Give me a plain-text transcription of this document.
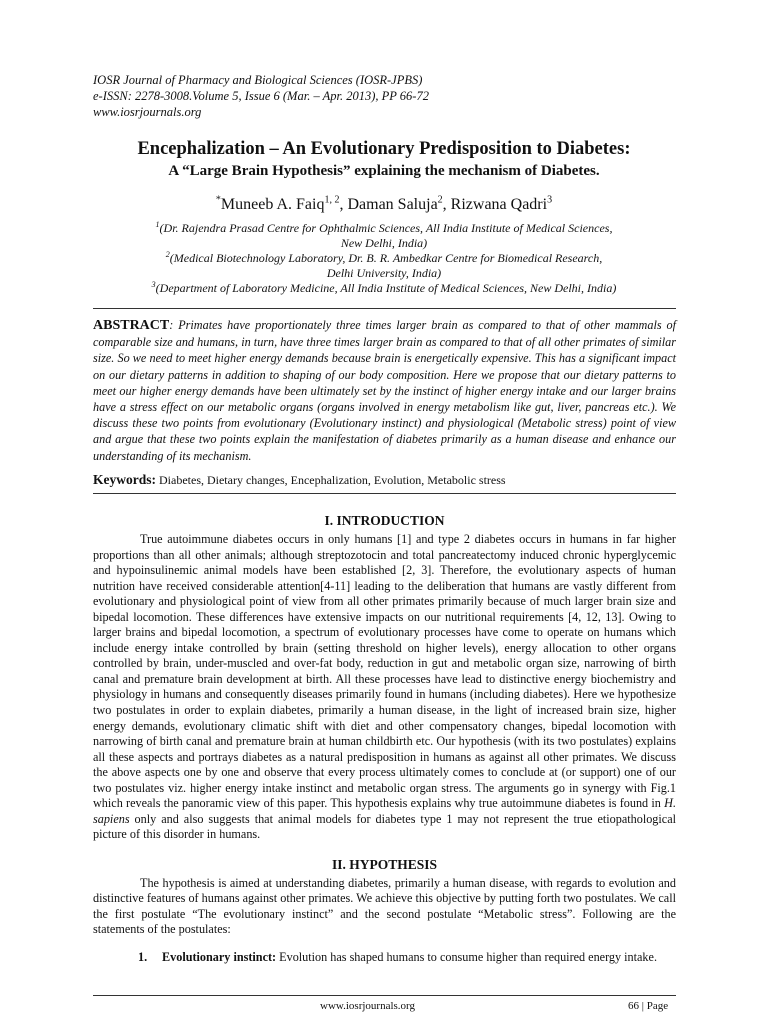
IOSR Journal of Pharmacy and Biological Sciences (IOSR-JPBS)
e-ISSN: 2278-3008.Volume 5, Issue 6 (Mar. – Apr. 2013), PP 66-72
www.iosrjournals.org
Encephalization – An Evolutionary Predisposition to Diabetes:
A “Large Brain Hypothesis” explaining the mechanism of Diabetes.
*Muneeb A. Faiq$^{1, 2}$, Daman Saluja$^2$, Rizwana Qadri$^3$
$^1$(Dr. Rajendra Prasad Centre for Ophthalmic Sciences, All India Institute of Medical Sciences,
New Delhi, India)
$^2$(Medical Biotechnology Laboratory, Dr. B. R. Ambedkar Centre for Biomedical Research,
Delhi University, India)
$^3$(Department of Laboratory Medicine, All India Institute of Medical Sciences, New Delhi, India)
ABSTRACT: Primates have proportionately three times larger brain as compared to that of other mammals of comparable size and humans, in turn, have three times larger brain as compared to that of all other primates of similar size. So we need to meet higher energy demands because brain is energetically expensive. This has a significant impact on our dietary patterns in addition to shaping of our body composition. Here we propose that our dietary patterns to meet our higher energy demands have been ultimately set by the instinct of higher energy intake and our larger brains have a stress effect on our metabolic organs (organs involved in energy metabolism like gut, liver, pancreas etc.). We discuss these two points from evolutionary (Evolutionary instinct) and physiological (Metabolic stress) point of view and argue that these two points explain the manifestation of diabetes primarily as a human disease and enhance our understanding of its mechanism.
Keywords: Diabetes, Dietary changes, Encephalization, Evolution, Metabolic stress
I. INTRODUCTION
True autoimmune diabetes occurs in only humans [1] and type 2 diabetes occurs in humans in far higher proportions than all other animals; although streptozotocin and total pancreatectomy induced chronic hyperglycemic and hypoinsulinemic animal models have been established [2, 3]. Therefore, the evolutionary aspects of human nutrition have received considerable attention[4-11] leading to the deliberation that humans are vastly different from evolutionary and physiological point of view from all other primates primarily because of much larger brain size and bipedal locomotion. These differences have extensive impacts on our nutritional requirements [4, 12, 13]. Owing to larger brains and bipedal locomotion, a spectrum of evolutionary processes have come to operate on humans which include energy intake controlled by brain (setting threshold on higher levels), energy allocation to other organs controlled by brain, under-muscled and over-fat body, reduction in gut and metabolic organ size, narrowing of birth canal and premature brain development at birth. All these processes have lead to distinctive energy biochemistry and physiology in humans and consequently diseases primarily found in humans (including diabetes). Here we hypothesize two postulates in order to explain diabetes, primarily a human disease, in the light of increased brain size, higher energy demands, evolutionary climatic shift with diet and other compensatory changes, bipedal locomotion with narrowing of birth canal and premature brain at human childbirth etc. Our hypothesis (with its two postulates) explains all these aspects and portrays diabetes as a natural predisposition in humans as against all other primates. We discuss the above aspects one by one and observe that every process ultimately comes to conclude at (or support) one of our two postulates viz. higher energy intake instinct and metabolic organ stress. The arguments go in synergy with Fig.1 which reveals the panoramic view of this paper. This hypothesis explains why true autoimmune diabetes is found in H. sapiens only and also suggests that animal models for diabetes type 1 may not represent the true etiopathological picture of this disorder in humans.
II. HYPOTHESIS
The hypothesis is aimed at understanding diabetes, primarily a human disease, with regards to evolution and distinctive features of humans against other primates. We achieve this objective by putting forth two postulates. We call the first postulate “The evolutionary instinct” and the second postulate “Metabolic stress”. Following are the statements of the postulates:
1. Evolutionary instinct: Evolution has shaped humans to consume higher than required energy intake.
www.iosrjournals.org	66 | Page
